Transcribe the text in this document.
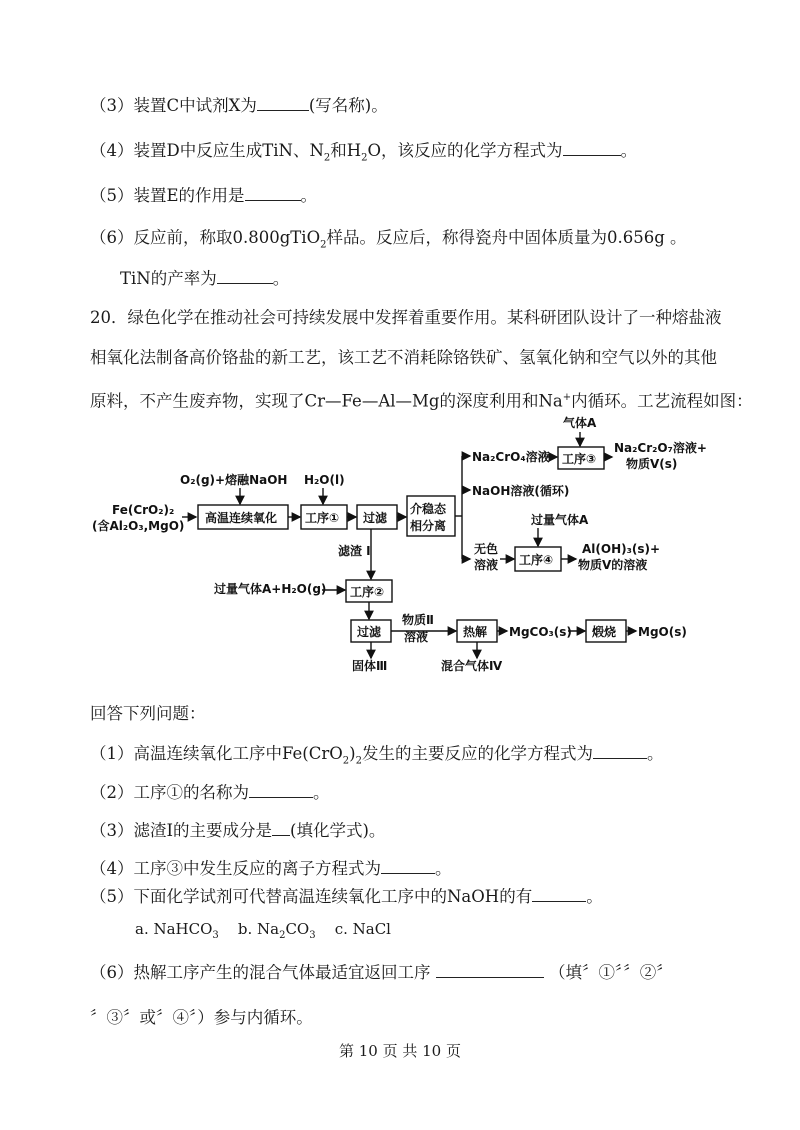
（3）装置C中试剂X为	(写名称)。
（4）装置D中反应生成TiN、$N_2$和$H_2O$，该反应的化学方程式为	。
（5）装置E的作用是	。
（6）反应前，称取0.800gTiO$_2$样品。反应后，称得瓷舟中固体质量为0.656g 。
TiN的产率为	。
20．绿色化学在推动社会可持续发展中发挥着重要作用。某科研团队设计了一种熔盐液
相氧化法制备高价铬盐的新工艺，该工艺不消耗除铬铁矿、氢氧化钠和空气以外的其他
原料，不产生废弃物，实现了Cr—Fe—Al—Mg的深度利用和Na+内循环。工艺流程如图：
Fe(CrO₂)₂
(含Al₂O₃,MgO)
O₂(g)+熔融NaOH
高温连续氧化
H₂O(l)
工序① 过滤
介稳态
相分离
Na₂CrO₄溶液
气体A
工序③
Na₂Cr₂O₇溶液+
物质V(s)
NaOH溶液(循环)
过量气体A
无色
溶液 工序④
Al(OH)₃(s)+
物质V的溶液
滤渣 I
过量气体A+H₂O(g) 工序②
过滤
固体Ⅲ
物质Ⅱ
溶液	热解
混合气体Ⅳ
MgCO₃(s) 煅烧 MgO(s)
回答下列问题：
（1）高温连续氧化工序中$Fe(CrO_2)_2$发生的主要反应的化学方程式为	。
（2）工序①的名称为	。
（3）滤渣Ⅰ的主要成分是 (填化学式)。
（4）工序③中发生反应的离子方程式为	。
（5）下面化学试剂可代替高温连续氧化工序中的NaOH的有	。
a. NaHCO$_3$ b. $Na_2CO_3$ c. NaCl
（6）热解工序产生的混合气体最适宜返回工序	（填〞①〞〞②〞
〞③〞或〞④〞）参与内循环。
第 10 页 共 10 页
